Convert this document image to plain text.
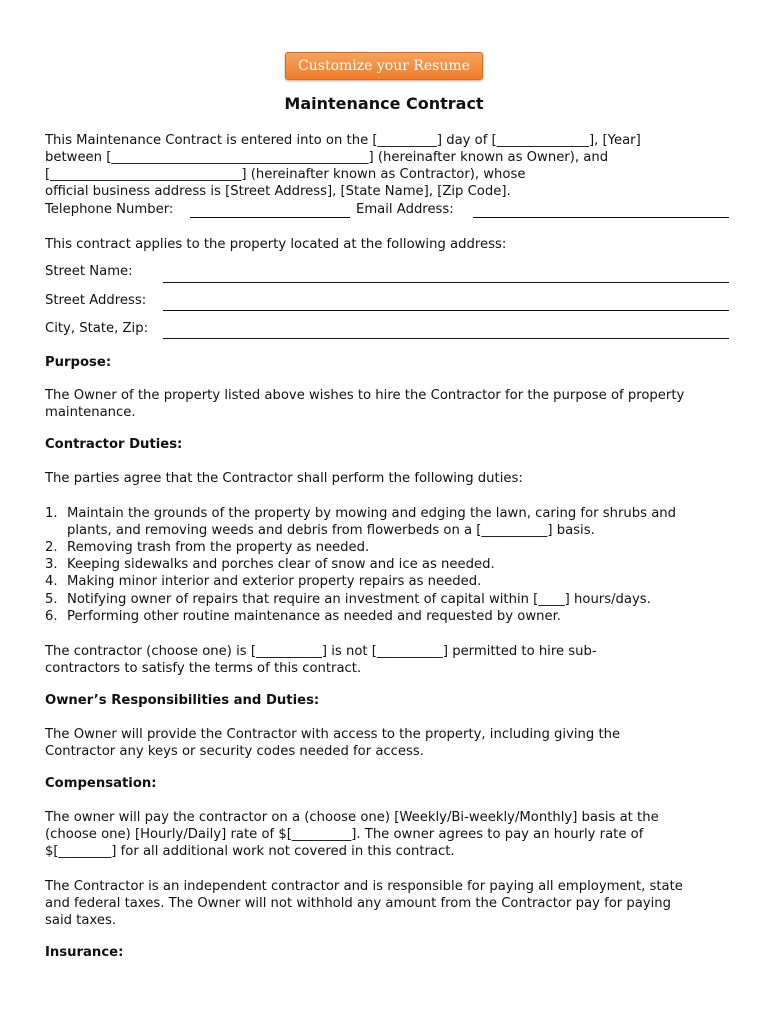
Customize your Resume
Maintenance Contract
This Maintenance Contract is entered into on the [_________] day of [______________], [Year]
between [_______________________________________] (hereinafter known as Owner), and
[_____________________________] (hereinafter known as Contractor), whose
official business address is [Street Address], [State Name], [Zip Code].
Telephone Number:	Email Address:
This contract applies to the property located at the following address:
Street Name:
Street Address:
City, State, Zip:
Purpose:
The Owner of the property listed above wishes to hire the Contractor for the purpose of property
maintenance.
Contractor Duties:
The parties agree that the Contractor shall perform the following duties:
1. Maintain the grounds of the property by mowing and edging the lawn, caring for shrubs and
plants, and removing weeds and debris from flowerbeds on a [__________] basis.
2. Removing trash from the property as needed.
3. Keeping sidewalks and porches clear of snow and ice as needed.
4. Making minor interior and exterior property repairs as needed.
5. Notifying owner of repairs that require an investment of capital within [____] hours/days.
6. Performing other routine maintenance as needed and requested by owner.
The contractor (choose one) is [__________] is not [__________] permitted to hire sub-
contractors to satisfy the terms of this contract.
Owner’s Responsibilities and Duties:
The Owner will provide the Contractor with access to the property, including giving the
Contractor any keys or security codes needed for access.
Compensation:
The owner will pay the contractor on a (choose one) [Weekly/Bi-weekly/Monthly] basis at the
(choose one) [Hourly/Daily] rate of $[_________]. The owner agrees to pay an hourly rate of
$[________] for all additional work not covered in this contract.
The Contractor is an independent contractor and is responsible for paying all employment, state
and federal taxes. The Owner will not withhold any amount from the Contractor pay for paying
said taxes.
Insurance:
